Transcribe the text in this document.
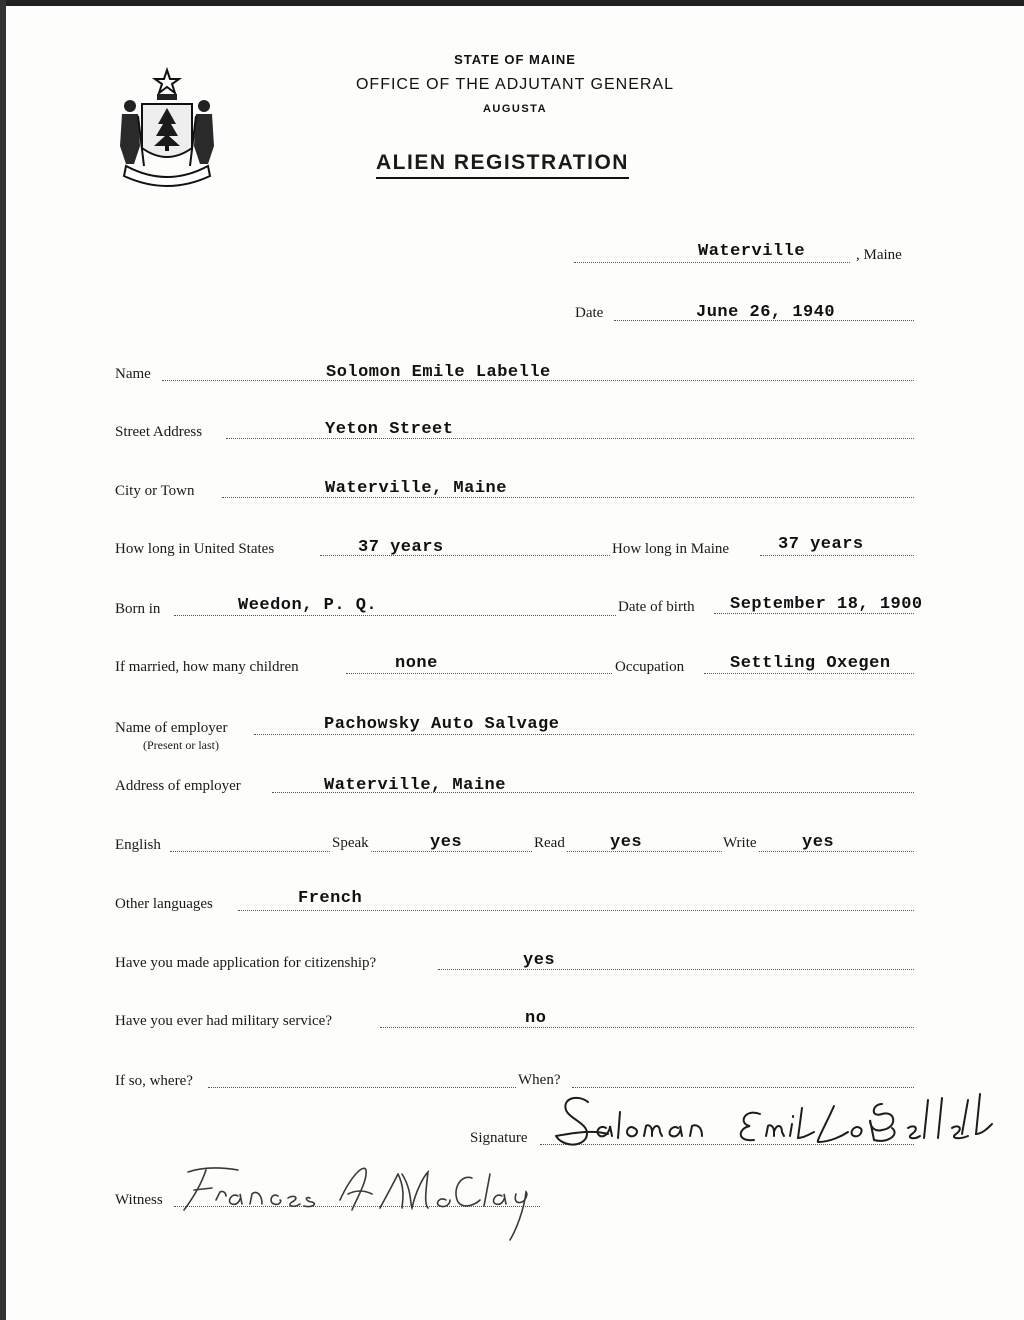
STATE OF MAINE
OFFICE OF THE ADJUTANT GENERAL
AUGUSTA
ALIEN REGISTRATION
Waterville	, Maine
Date	June 26, 1940
Name	Solomon Emile Labelle
Street Address	Yeton Street
City or Town	Waterville, Maine
How long in United States	37 years	How long in Maine	37 years
Born in	Weedon, P. Q.	Date of birth September 18, 1900
If married, how many children	none	Occupation	Settling Oxegen
Name of employer
(Present or last)
Pachowsky Auto Salvage
Address of employer	Waterville, Maine
English	Speak	yes	Read	yes	Write	yes
Other languages	French
Have you made application for citizenship?	yes
Have you ever had military service?	no
If so, where?	When?
Signature
Witness
